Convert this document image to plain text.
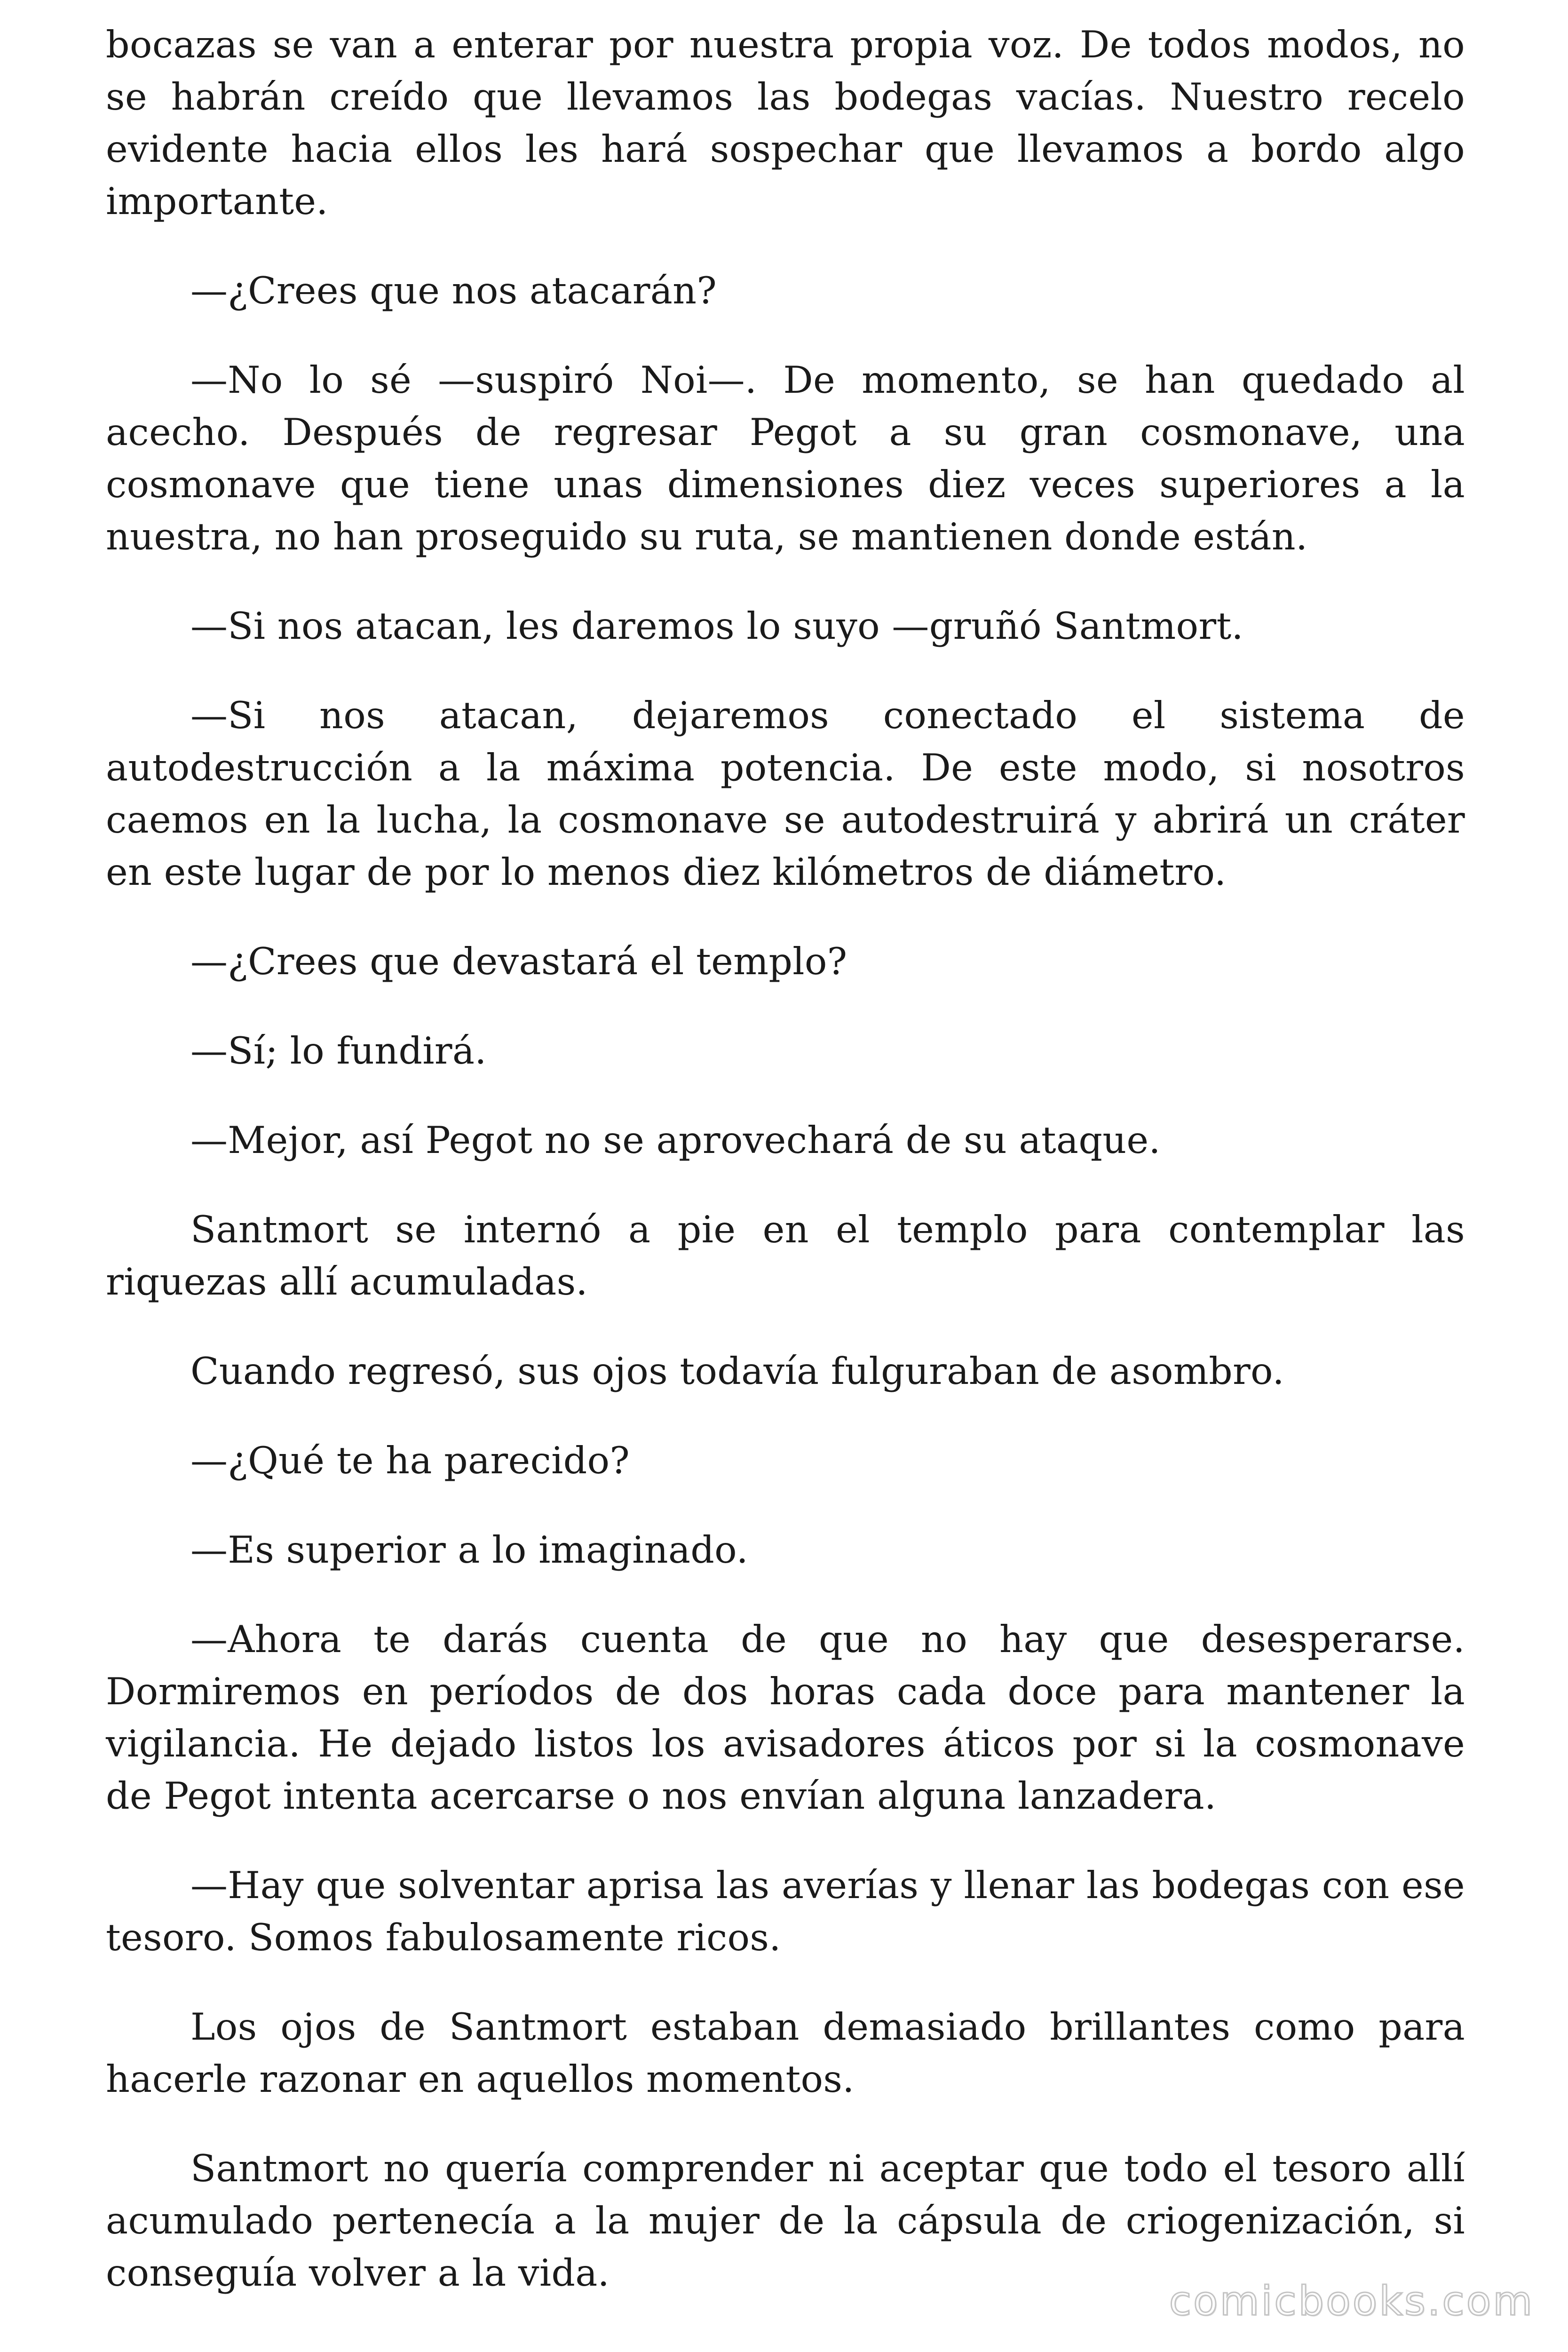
bocazas se van a enterar por nuestra propia voz. De todos modos, no se habrán creído que llevamos las bodegas vacías. Nuestro recelo evidente hacia ellos les hará sospechar que llevamos a bordo algo importante.

—¿Crees que nos atacarán?

—No lo sé —suspiró Noi—. De momento, se han quedado al acecho. Después de regresar Pegot a su gran cosmonave, una cosmonave que tiene unas dimensiones diez veces superiores a la nuestra, no han proseguido su ruta, se mantienen donde están.

—Si nos atacan, les daremos lo suyo —gruñó Santmort.

—Si nos atacan, dejaremos conectado el sistema de autodestrucción a la máxima potencia. De este modo, si nosotros caemos en la lucha, la cosmonave se autodestruirá y abrirá un cráter en este lugar de por lo menos diez kilómetros de diámetro.

—¿Crees que devastará el templo?

—Sí; lo fundirá.

—Mejor, así Pegot no se aprovechará de su ataque.

Santmort se internó a pie en el templo para contemplar las riquezas allí acumuladas.

Cuando regresó, sus ojos todavía fulguraban de asombro.

—¿Qué te ha parecido?

—Es superior a lo imaginado.

—Ahora te darás cuenta de que no hay que desesperarse. Dormiremos en períodos de dos horas cada doce para mantener la vigilancia. He dejado listos los avisadores áticos por si la cosmonave de Pegot intenta acercarse o nos envían alguna lanzadera.

—Hay que solventar aprisa las averías y llenar las bodegas con ese tesoro. Somos fabulosamente ricos.

Los ojos de Santmort estaban demasiado brillantes como para hacerle razonar en aquellos momentos.

Santmort no quería comprender ni aceptar que todo el tesoro allí acumulado pertenecía a la mujer de la cápsula de criogenización, si conseguía volver a la vida.

comicbooks.com
